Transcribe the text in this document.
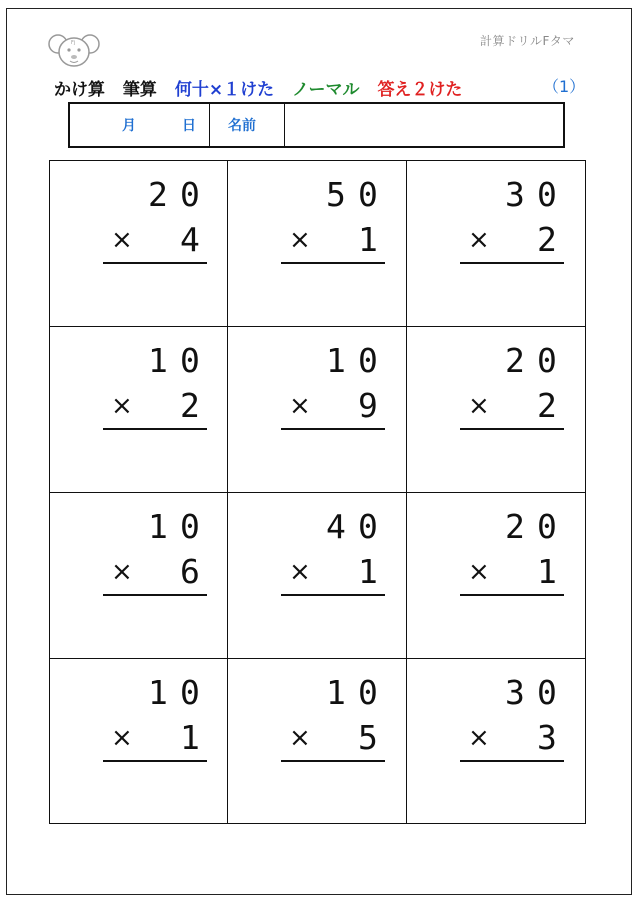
Fj	計算ドリルFタマ
かけ算 筆算 何十×１けた ノーマル 答え２けた	（1）
月	日	名前
2 0
× 4
5 0
× 1
3 0
× 2
1 0
× 2
1 0
× 9
2 0
× 2
1 0
× 6
4 0
× 1
2 0
× 1
1 0
× 1
1 0
× 5
3 0
× 3
